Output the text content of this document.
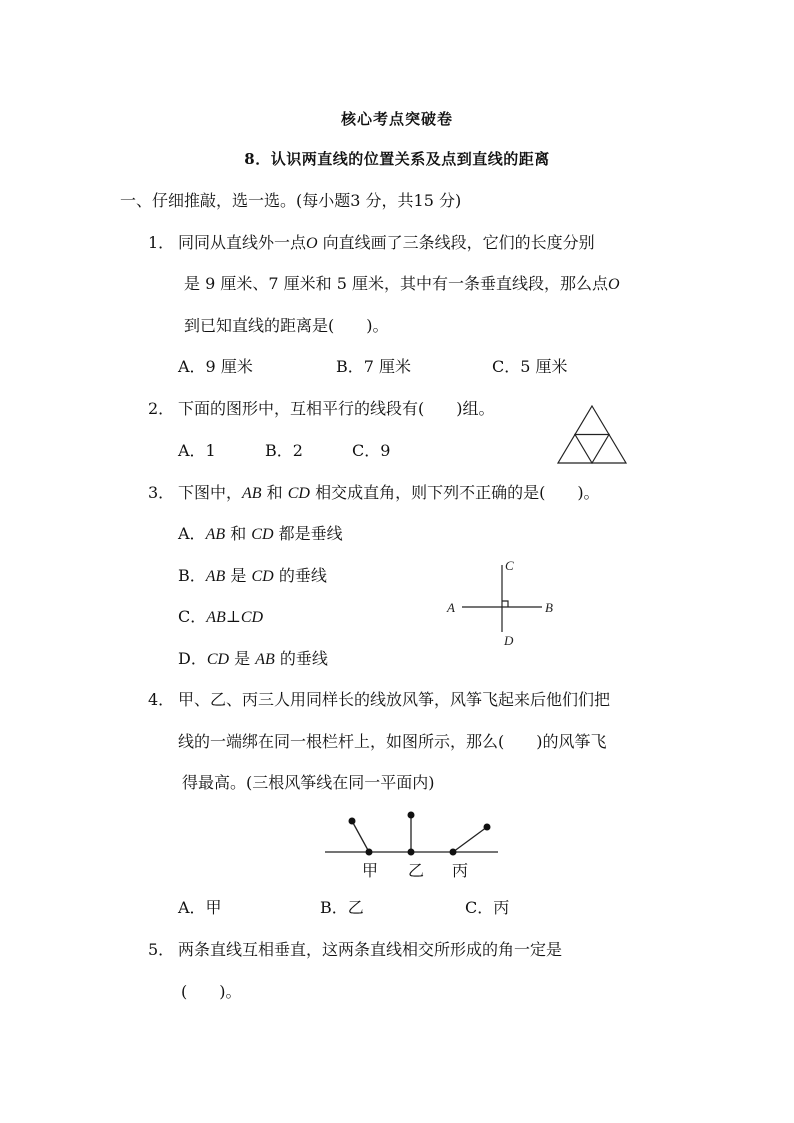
核心考点突破卷
8．认识两直线的位置关系及点到直线的距离
一、仔细推敲，选一选。(每小题3 分，共15 分)
1． 同同从直线外一点O 向直线画了三条线段，它们的长度分别
是 9 厘米、7 厘米和 5 厘米，其中有一条垂直线段，那么点O
到已知直线的距离是(　　)。
A．9 厘米	B．7 厘米	C．5 厘米
2． 下面的图形中，互相平行的线段有(　　)组。
A．1	B．2	C．9
3． 下图中，AB 和 CD 相交成直角，则下列不正确的是(　　)。
A．AB 和 CD 都是垂线
B．AB 是 CD 的垂线
C．AB⊥CD
D．CD 是 AB 的垂线
A	B
C
D
4． 甲、乙、丙三人用同样长的线放风筝，风筝飞起来后他们们把
线的一端绑在同一根栏杆上，如图所示，那么(　　)的风筝飞
得最高。(三根风筝线在同一平面内)
甲 乙 丙
A．甲	B．乙	C．丙
5． 两条直线互相垂直，这两条直线相交所形成的角一定是
(　　)。
